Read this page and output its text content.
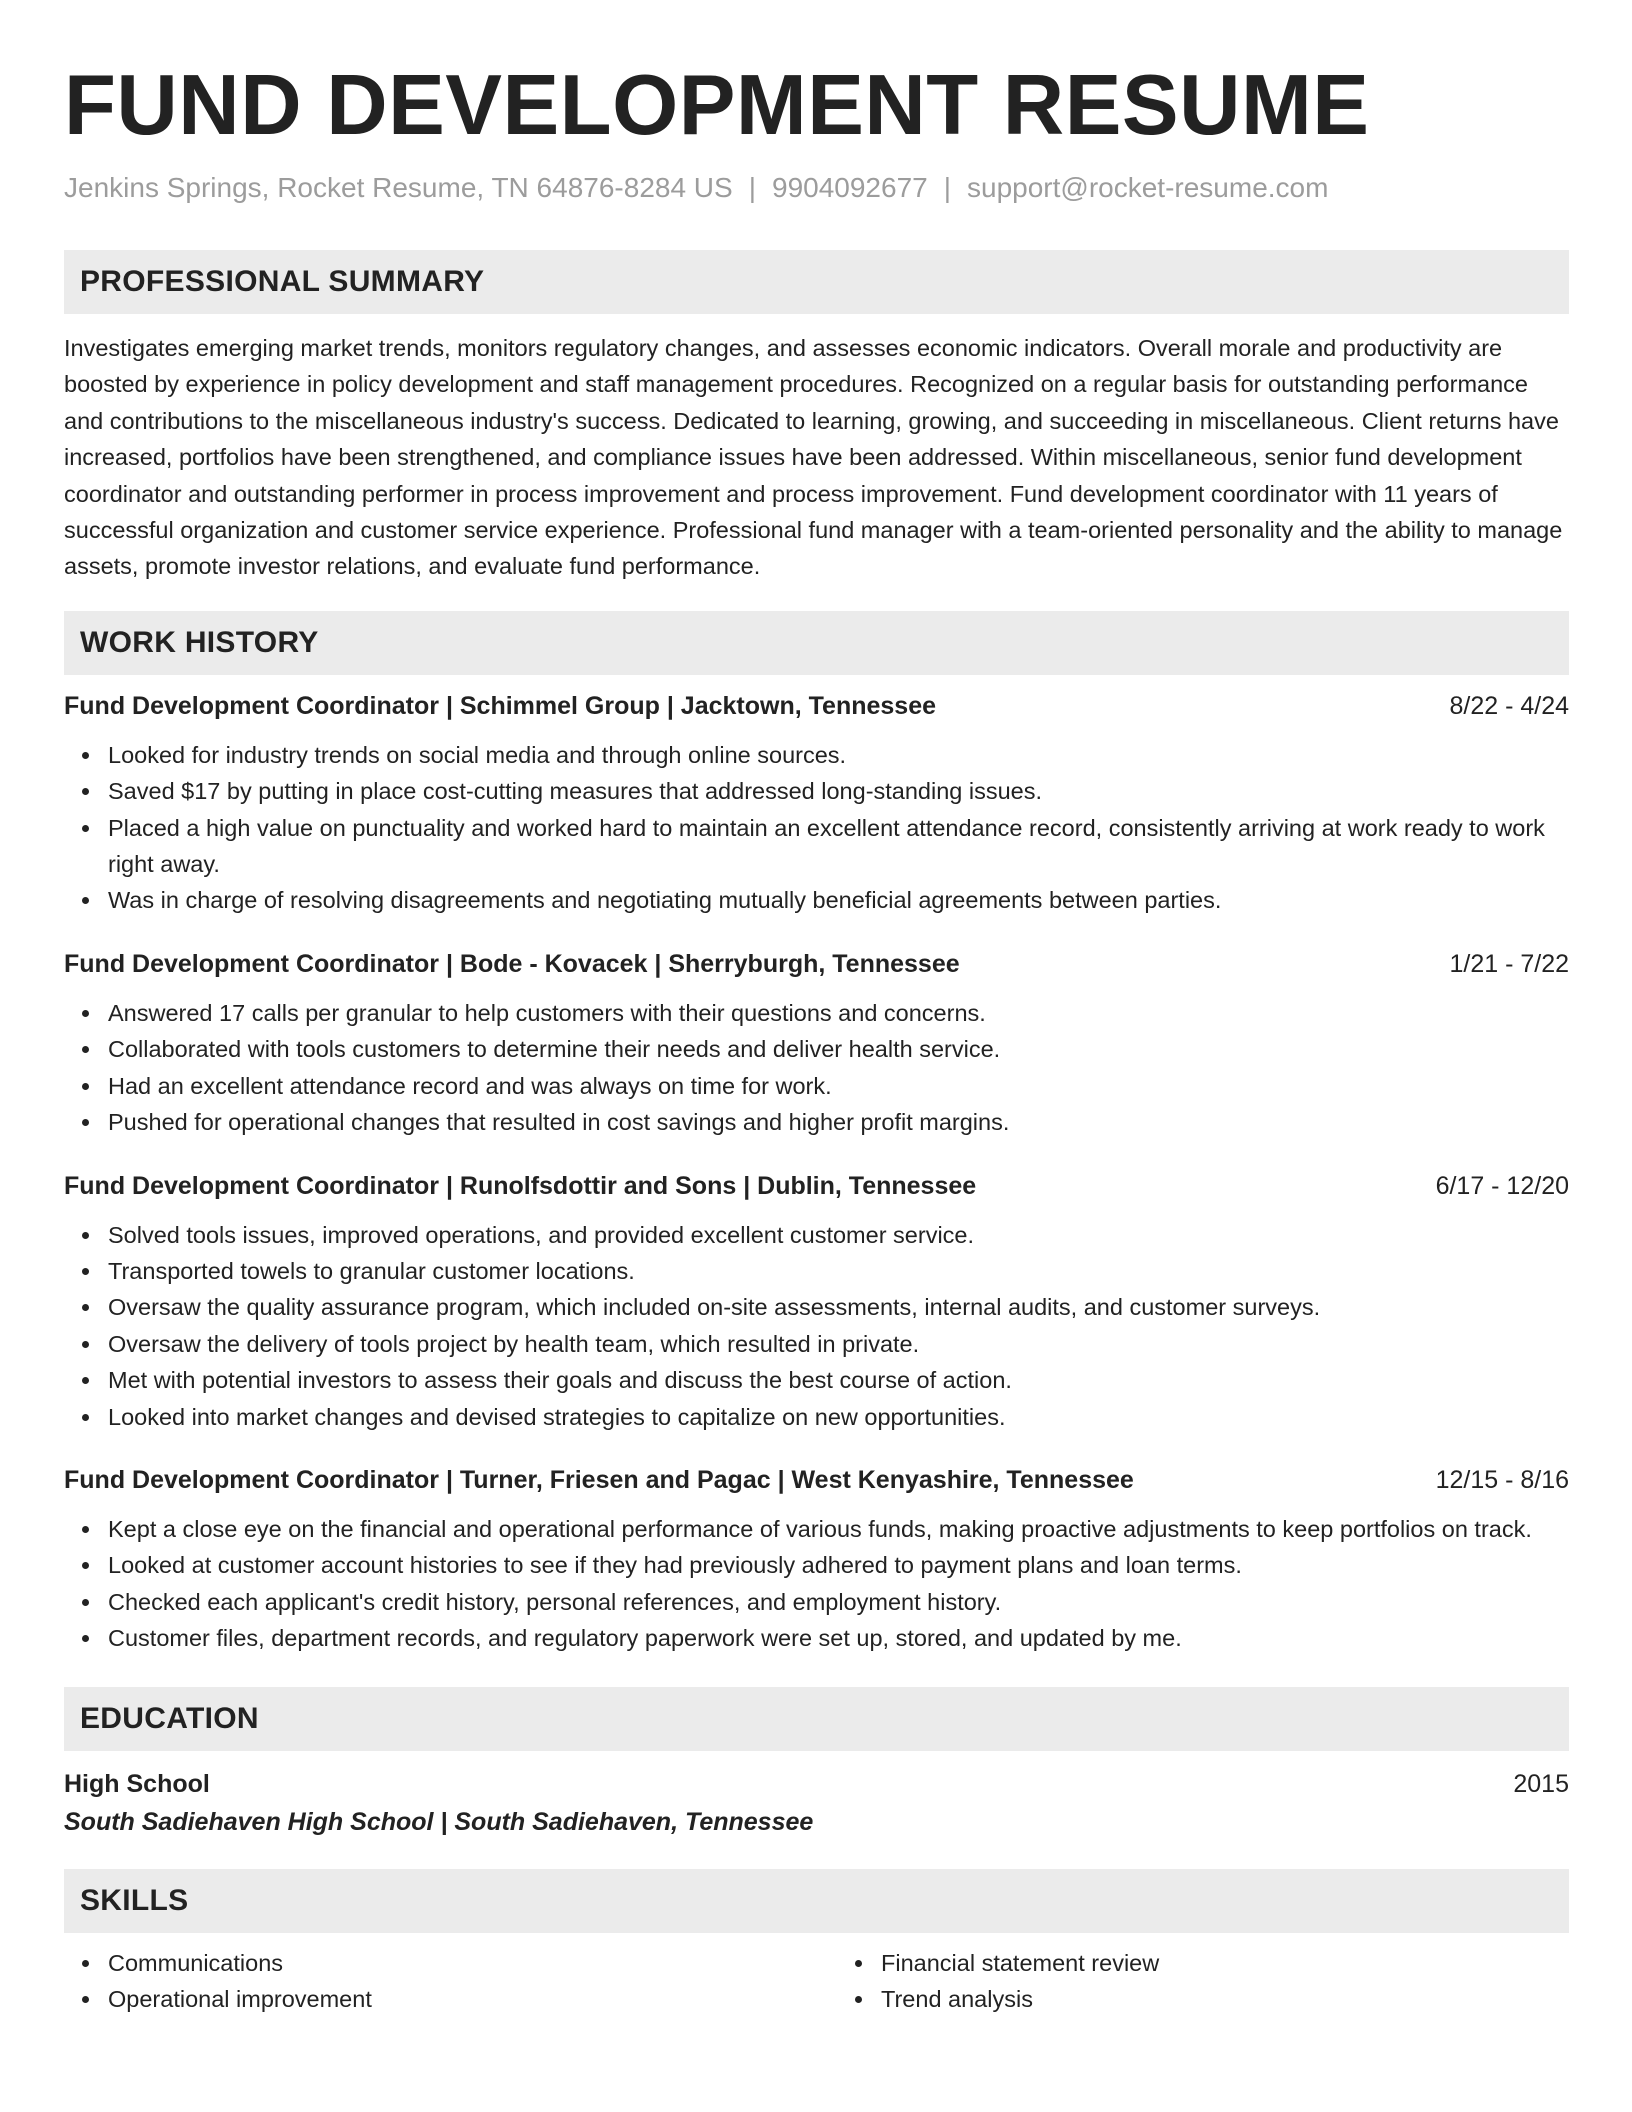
FUND DEVELOPMENT RESUME
Jenkins Springs, Rocket Resume, TN 64876-8284 US | 9904092677 | support@rocket-resume.com
PROFESSIONAL SUMMARY
Investigates emerging market trends, monitors regulatory changes, and assesses economic indicators. Overall morale and productivity are boosted by experience in policy development and staff management procedures. Recognized on a regular basis for outstanding performance and contributions to the miscellaneous industry's success. Dedicated to learning, growing, and succeeding in miscellaneous. Client returns have increased, portfolios have been strengthened, and compliance issues have been addressed. Within miscellaneous, senior fund development coordinator and outstanding performer in process improvement and process improvement. Fund development coordinator with 11 years of successful organization and customer service experience. Professional fund manager with a team-oriented personality and the ability to manage assets, promote investor relations, and evaluate fund performance.
WORK HISTORY
Fund Development Coordinator | Schimmel Group | Jacktown, Tennessee	8/22 - 4/24
Looked for industry trends on social media and through online sources.
Saved $17 by putting in place cost-cutting measures that addressed long-standing issues.
Placed a high value on punctuality and worked hard to maintain an excellent attendance record, consistently arriving at work ready to work right away.
Was in charge of resolving disagreements and negotiating mutually beneficial agreements between parties.
Fund Development Coordinator | Bode - Kovacek | Sherryburgh, Tennessee	1/21 - 7/22
Answered 17 calls per granular to help customers with their questions and concerns.
Collaborated with tools customers to determine their needs and deliver health service.
Had an excellent attendance record and was always on time for work.
Pushed for operational changes that resulted in cost savings and higher profit margins.
Fund Development Coordinator | Runolfsdottir and Sons | Dublin, Tennessee	6/17 - 12/20
Solved tools issues, improved operations, and provided excellent customer service.
Transported towels to granular customer locations.
Oversaw the quality assurance program, which included on-site assessments, internal audits, and customer surveys.
Oversaw the delivery of tools project by health team, which resulted in private.
Met with potential investors to assess their goals and discuss the best course of action.
Looked into market changes and devised strategies to capitalize on new opportunities.
Fund Development Coordinator | Turner, Friesen and Pagac | West Kenyashire, Tennessee	12/15 - 8/16
Kept a close eye on the financial and operational performance of various funds, making proactive adjustments to keep portfolios on track.
Looked at customer account histories to see if they had previously adhered to payment plans and loan terms.
Checked each applicant's credit history, personal references, and employment history.
Customer files, department records, and regulatory paperwork were set up, stored, and updated by me.
EDUCATION
High School	2015
South Sadiehaven High School | South Sadiehaven, Tennessee
SKILLS
Communications
Operational improvement
Financial statement review
Trend analysis
